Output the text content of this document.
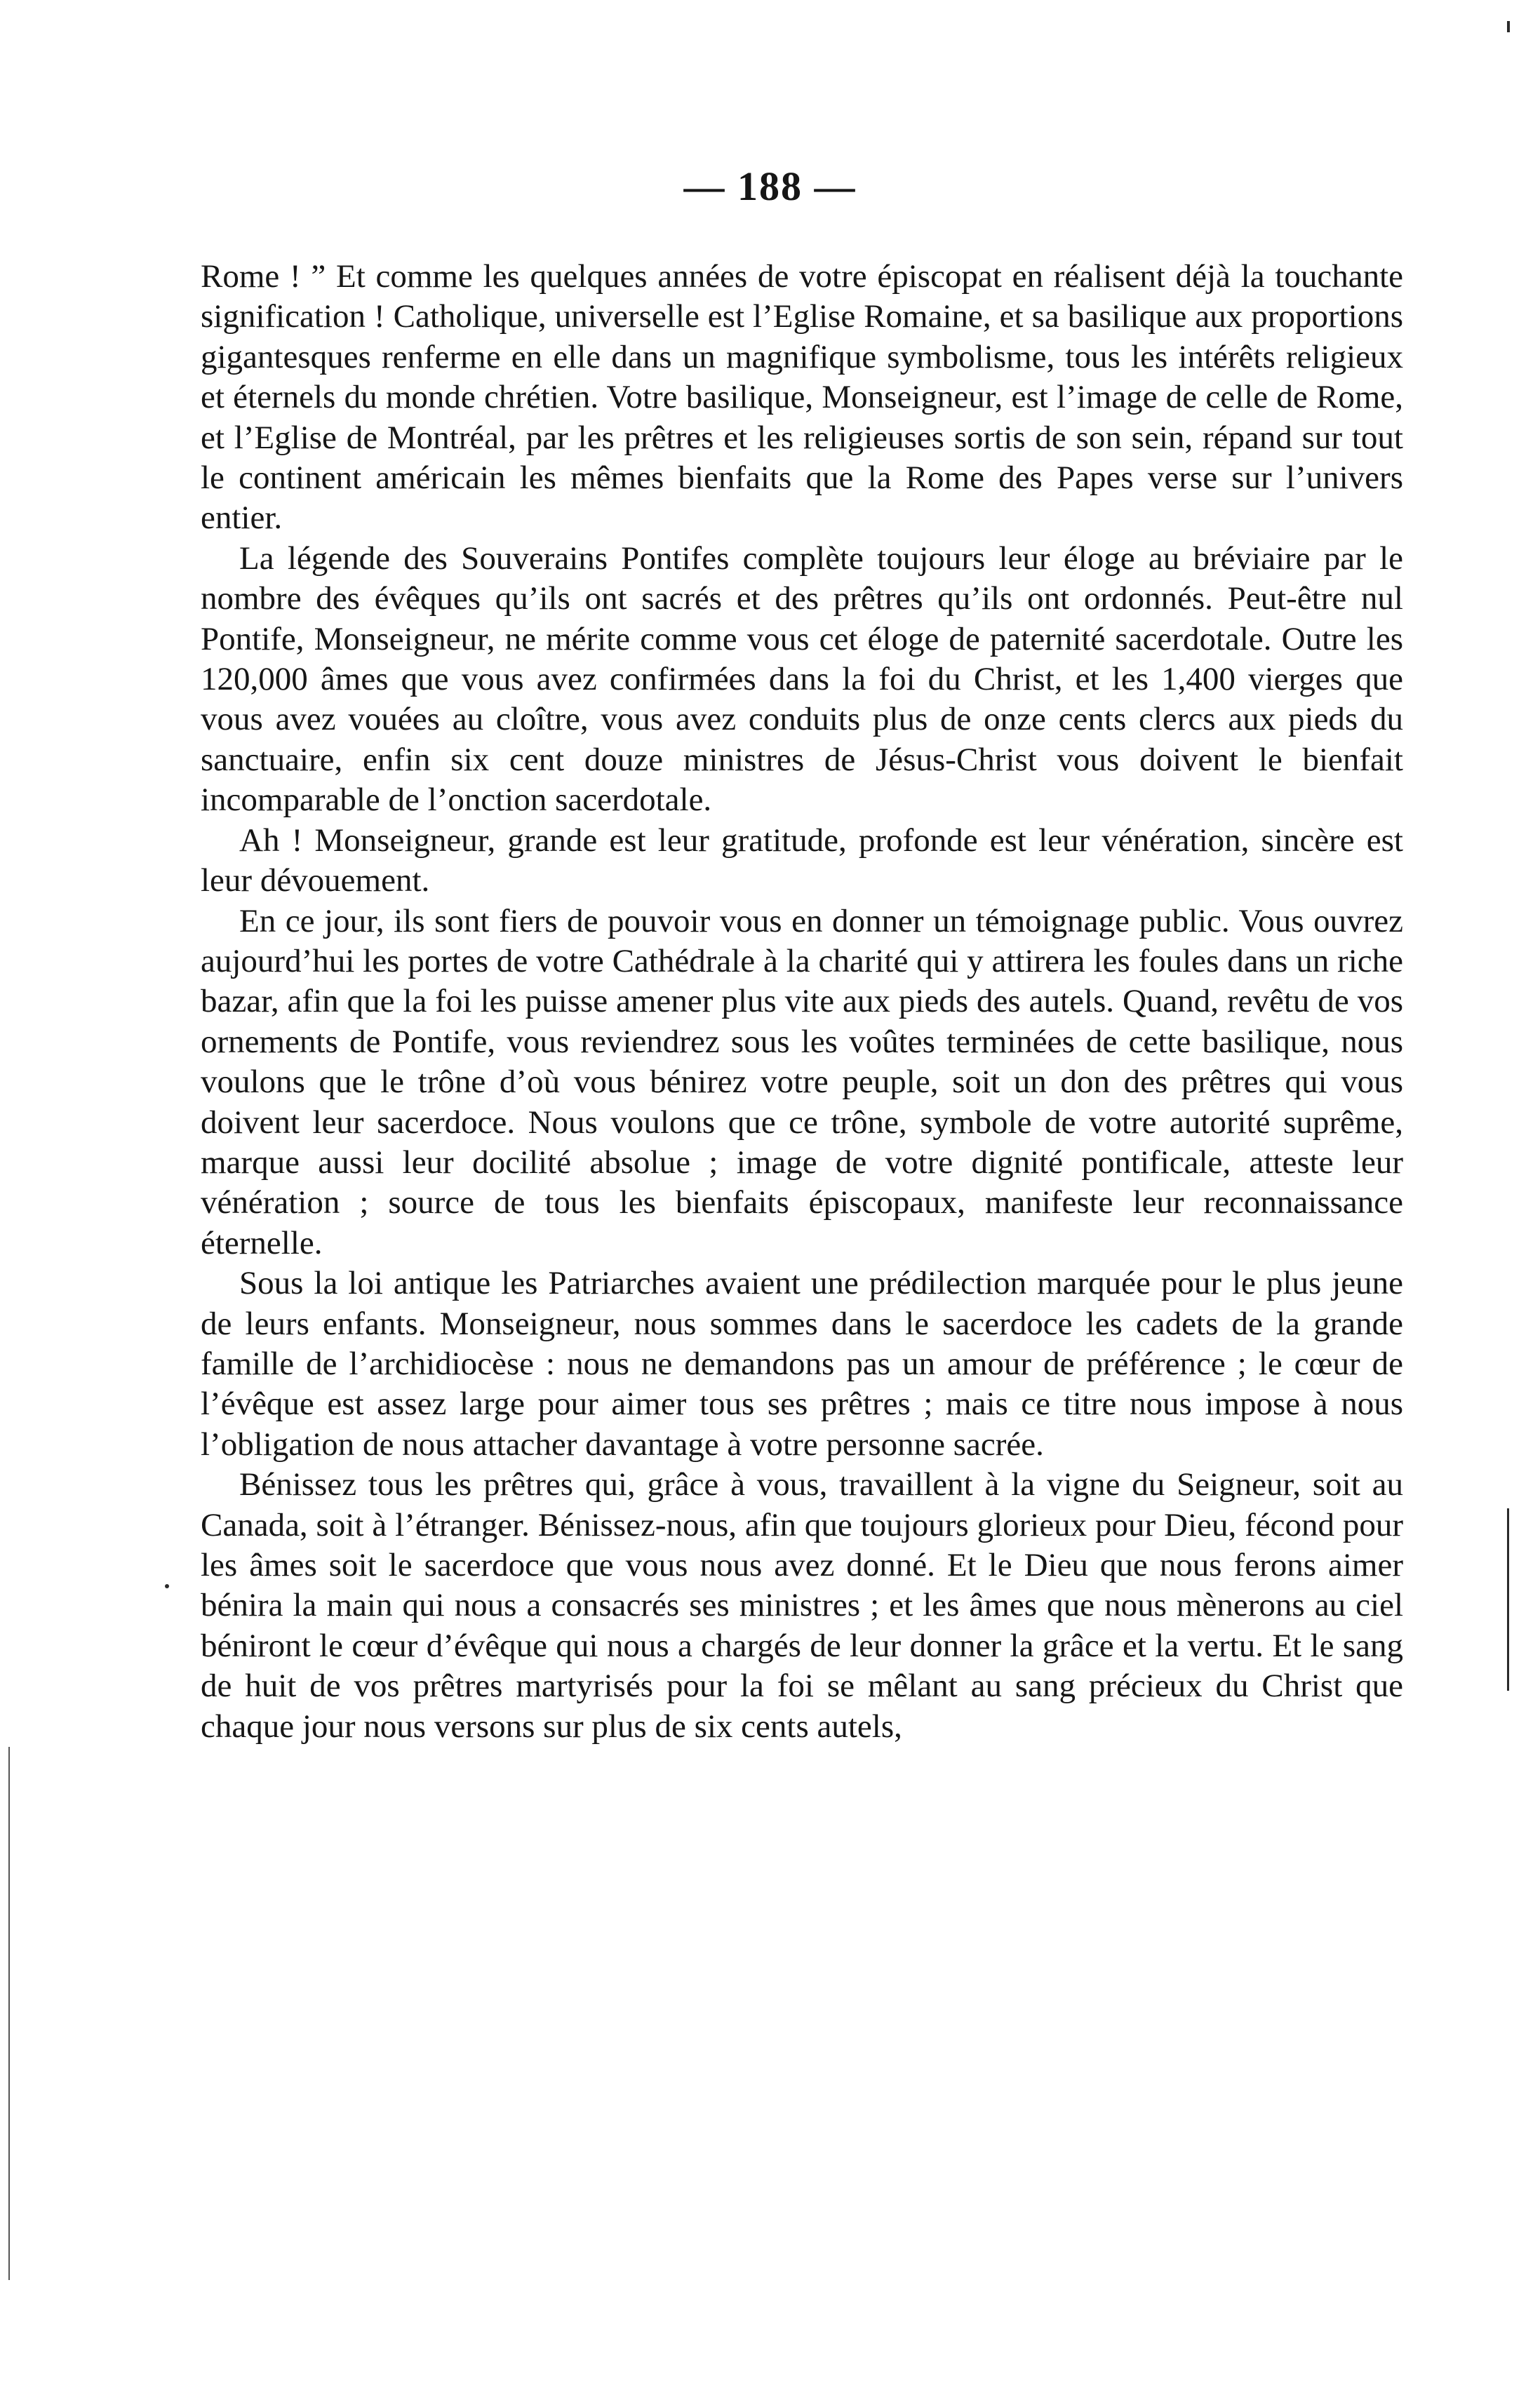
— 188 —

Rome ! ” Et comme les quelques années de votre épiscopat en réalisent déjà la touchante signification ! Catholique, universelle est l’Eglise Romaine, et sa basilique aux proportions gigantesques renferme en elle dans un magnifique symbolisme, tous les intérêts religieux et éternels du monde chrétien. Votre basilique, Monseigneur, est l’image de celle de Rome, et l’Eglise de Montréal, par les prêtres et les religieuses sortis de son sein, répand sur tout le continent américain les mêmes bienfaits que la Rome des Papes verse sur l’univers entier.

La légende des Souverains Pontifes complète toujours leur éloge au bréviaire par le nombre des évêques qu’ils ont sacrés et des prêtres qu’ils ont ordonnés. Peut-être nul Pontife, Monseigneur, ne mérite comme vous cet éloge de paternité sacerdotale. Outre les 120,000 âmes que vous avez confirmées dans la foi du Christ, et les 1,400 vierges que vous avez vouées au cloître, vous avez conduits plus de onze cents clercs aux pieds du sanctuaire, enfin six cent douze ministres de Jésus-Christ vous doivent le bienfait incomparable de l’onction sacerdotale.

Ah ! Monseigneur, grande est leur gratitude, profonde est leur vénération, sincère est leur dévouement.

En ce jour, ils sont fiers de pouvoir vous en donner un témoignage public. Vous ouvrez aujourd’hui les portes de votre Cathédrale à la charité qui y attirera les foules dans un riche bazar, afin que la foi les puisse amener plus vite aux pieds des autels. Quand, revêtu de vos ornements de Pontife, vous reviendrez sous les voûtes terminées de cette basilique, nous voulons que le trône d’où vous bénirez votre peuple, soit un don des prêtres qui vous doivent leur sacerdoce. Nous voulons que ce trône, symbole de votre autorité suprême, marque aussi leur docilité absolue ; image de votre dignité pontificale, atteste leur vénération ; source de tous les bienfaits épiscopaux, manifeste leur reconnaissance éternelle.

Sous la loi antique les Patriarches avaient une prédilection marquée pour le plus jeune de leurs enfants. Monseigneur, nous sommes dans le sacerdoce les cadets de la grande famille de l’archidiocèse : nous ne demandons pas un amour de préférence ; le cœur de l’évêque est assez large pour aimer tous ses prêtres ; mais ce titre nous impose à nous l’obligation de nous attacher davantage à votre personne sacrée.

Bénissez tous les prêtres qui, grâce à vous, travaillent à la vigne du Seigneur, soit au Canada, soit à l’étranger. Bénissez-nous, afin que toujours glorieux pour Dieu, fécond pour les âmes soit le sacerdoce que vous nous avez donné. Et le Dieu que nous ferons aimer bénira la main qui nous a consacrés ses ministres ; et les âmes que nous mènerons au ciel béniront le cœur d’évêque qui nous a chargés de leur donner la grâce et la vertu. Et le sang de huit de vos prêtres martyrisés pour la foi se mêlant au sang précieux du Christ que chaque jour nous versons sur plus de six cents autels,
